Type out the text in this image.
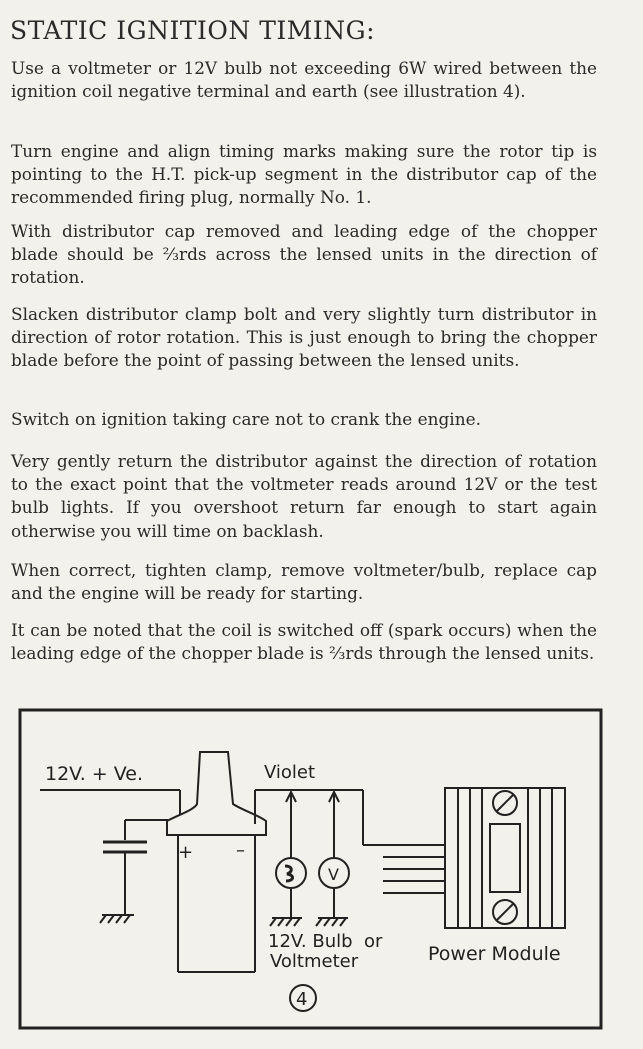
STATIC IGNITION TIMING:

Use a voltmeter or 12V bulb not exceeding 6W wired between the ignition coil negative terminal and earth (see illustration 4).

Turn engine and align timing marks making sure the rotor tip is pointing to the H.T. pick-up segment in the distributor cap of the recommended firing plug, normally No. 1.

With distributor cap removed and leading edge of the chopper blade should be ⅔rds across the lensed units in the direction of rotation.

Slacken distributor clamp bolt and very slightly turn distributor in direction of rotor rotation. This is just enough to bring the chopper blade before the point of passing between the lensed units.

Switch on ignition taking care not to crank the engine.

Very gently return the distributor against the direction of rotation to the exact point that the voltmeter reads around 12V or the test bulb lights. If you overshoot return far enough to start again otherwise you will time on backlash.

When correct, tighten clamp, remove voltmeter/bulb, replace cap and the engine will be ready for starting.

It can be noted that the coil is switched off (spark occurs) when the leading edge of the chopper blade is ⅔rds through the lensed units.

12V. + Ve.
+ –
Violet
V
12V. Bulb  or
Voltmeter	Power Module
4
